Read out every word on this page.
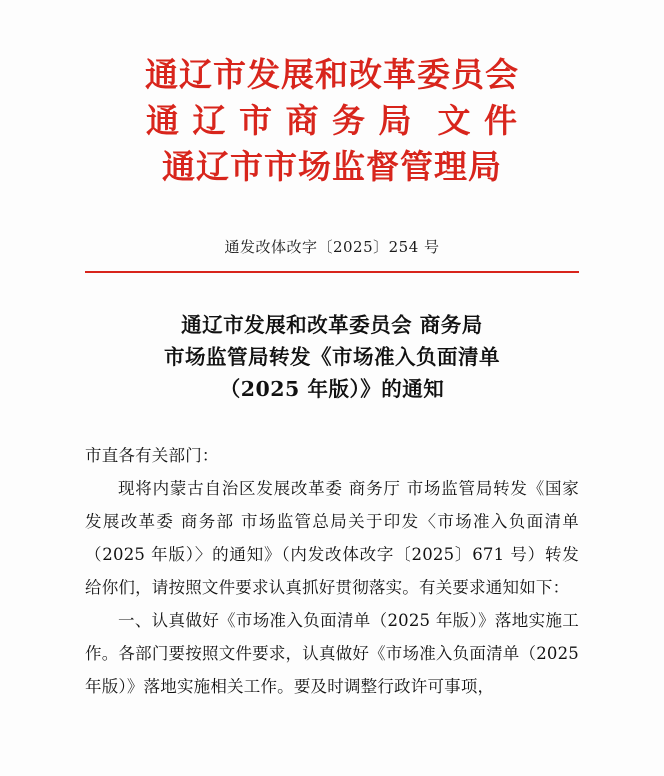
通辽市发展和改革委员会
通 辽 市 商 务 局  文 件
通辽市市场监督管理局
通发改体改字〔2025〕254 号
通辽市发展和改革委员会 商务局
市场监管局转发《市场准入负面清单
（2025 年版）》的通知

市直各有关部门：

现将内蒙古自治区发展改革委 商务厅 市场监管局转发《国家发展改革委 商务部 市场监管总局关于印发〈市场准入负面清单（2025 年版）〉的通知》（内发改体改字〔2025〕671 号）转发给你们，请按照文件要求认真抓好贯彻落实。有关要求通知如下：

一、认真做好《市场准入负面清单（2025 年版）》落地实施工作。各部门要按照文件要求，认真做好《市场准入负面清单（2025 年版）》落地实施相关工作。要及时调整行政许可事项，
